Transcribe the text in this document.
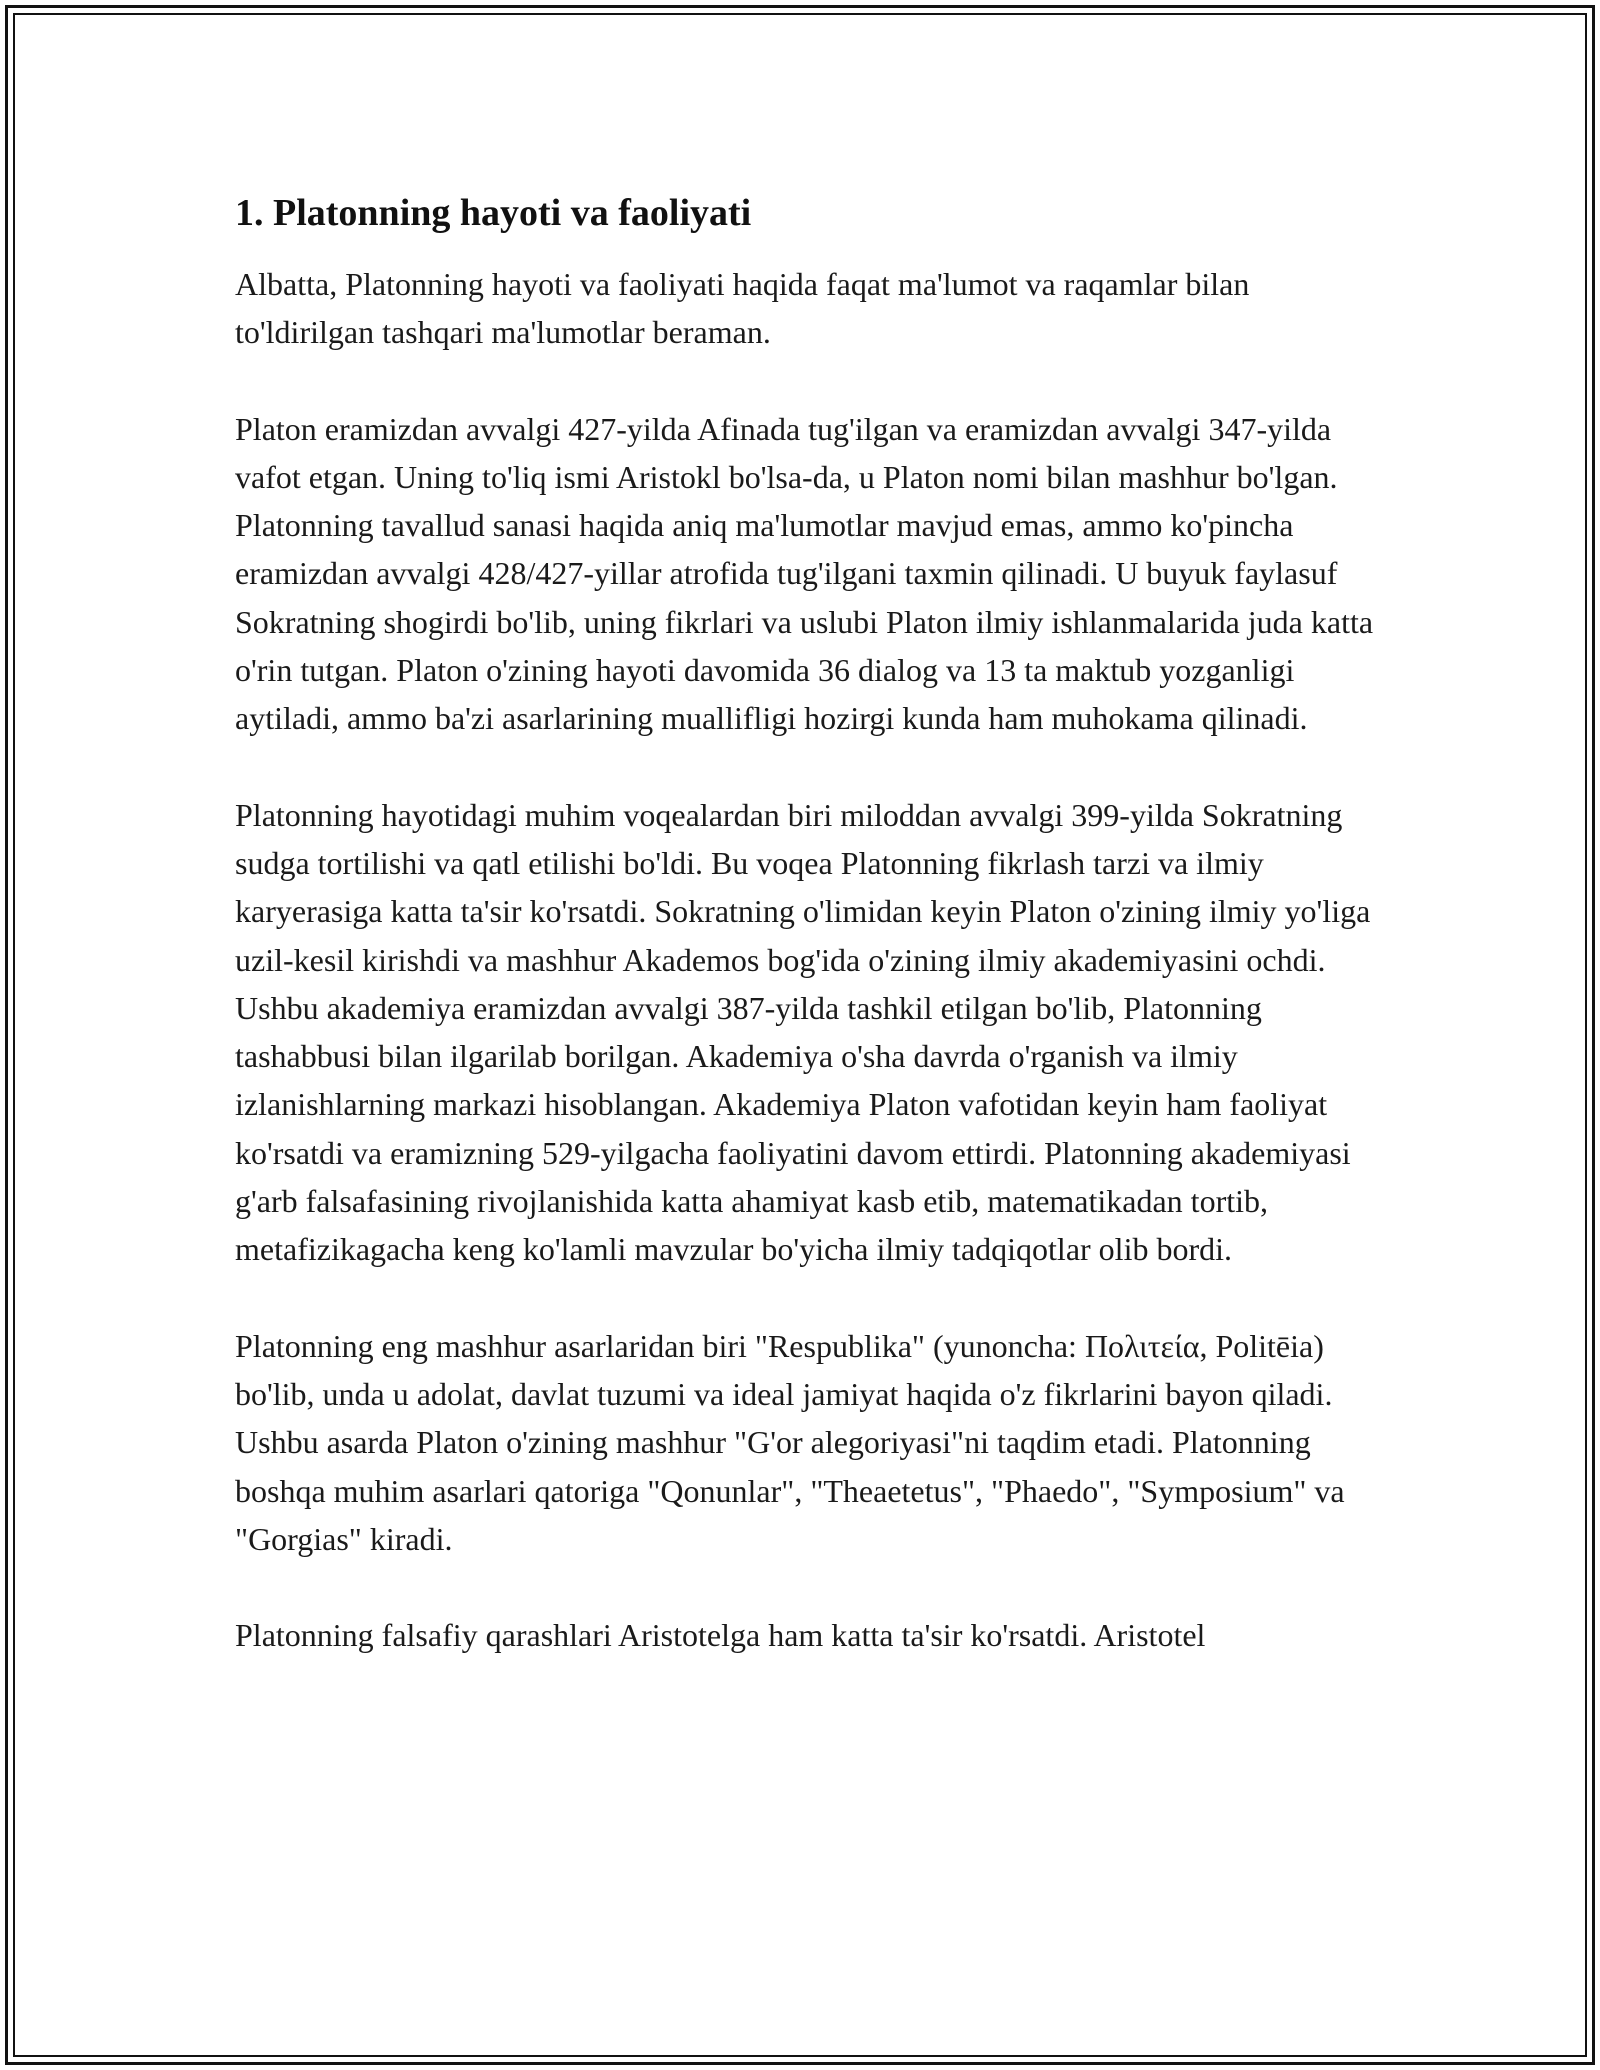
1. Platonning hayoti va faoliyati

Albatta, Platonning hayoti va faoliyati haqida faqat ma'lumot va raqamlar bilan to'ldirilgan tashqari ma'lumotlar beraman.

Platon eramizdan avvalgi 427-yilda Afinada tug'ilgan va eramizdan avvalgi 347-yilda vafot etgan. Uning to'liq ismi Aristokl bo'lsa-da, u Platon nomi bilan mashhur bo'lgan. Platonning tavallud sanasi haqida aniq ma'lumotlar mavjud emas, ammo ko'pincha eramizdan avvalgi 428/427-yillar atrofida tug'ilgani taxmin qilinadi. U buyuk faylasuf Sokratning shogirdi bo'lib, uning fikrlari va uslubi Platon ilmiy ishlanmalarida juda katta o'rin tutgan. Platon o'zining hayoti davomida 36 dialog va 13 ta maktub yozganligi aytiladi, ammo ba'zi asarlarining muallifligi hozirgi kunda ham muhokama qilinadi.

Platonning hayotidagi muhim voqealardan biri miloddan avvalgi 399-yilda Sokratning sudga tortilishi va qatl etilishi bo'ldi. Bu voqea Platonning fikrlash tarzi va ilmiy karyerasiga katta ta'sir ko'rsatdi. Sokratning o'limidan keyin Platon o'zining ilmiy yo'liga uzil-kesil kirishdi va mashhur Akademos bog'ida o'zining ilmiy akademiyasini ochdi. Ushbu akademiya eramizdan avvalgi 387-yilda tashkil etilgan bo'lib, Platonning tashabbusi bilan ilgarilab borilgan. Akademiya o'sha davrda o'rganish va ilmiy izlanishlarning markazi hisoblangan. Akademiya Platon vafotidan keyin ham faoliyat ko'rsatdi va eramizning 529-yilgacha faoliyatini davom ettirdi. Platonning akademiyasi g'arb falsafasining rivojlanishida katta ahamiyat kasb etib, matematikadan tortib, metafizikagacha keng ko'lamli mavzular bo'yicha ilmiy tadqiqotlar olib bordi.

Platonning eng mashhur asarlaridan biri "Respublika" (yunoncha: Πολιτεία, Politēia) bo'lib, unda u adolat, davlat tuzumi va ideal jamiyat haqida o'z fikrlarini bayon qiladi. Ushbu asarda Platon o'zining mashhur "G'or alegoriyasi"ni taqdim etadi. Platonning boshqa muhim asarlari qatoriga "Qonunlar", "Theaetetus", "Phaedo", "Symposium" va "Gorgias" kiradi.

Platonning falsafiy qarashlari Aristotelga ham katta ta'sir ko'rsatdi. Aristotel
